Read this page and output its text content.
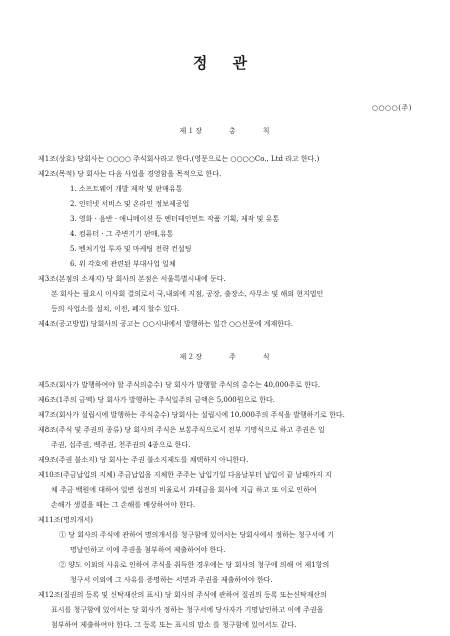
정 관
○○○○(주)
제１장	총	칙
제1조(상호) 당회사는 ○○○○ 주식회사라고 한다.(영문으로는 ○○○○Co., Ltd 라고 한다.)
제2조(목적) 당 회사는 다음 사업을 경영함을 목적으로 한다.
1. 소프트웨어 개발 제작 및 판매유통
2. 인터넷 서비스 및 온라인 정보제공업
3. 영화 · 음반 · 애니메이션 등 엔터테인먼트 작품 기획, 제작 및 유통
4. 컴퓨터 · 그 주변기기 판매,유통
5. 벤처기업 투자 및 마케팅 전략 컨설팅
6. 위 각호에 관련된 부대사업 일체
제3조(본점의 소재지) 당 회사의 본점은 서울특별시내에 둔다.
본 회사는 필요시 이사회 결의로서 국,내외에 지점, 공장, 출장소, 사무소 및 해외 현지법인
등의 사업소를 설치, 이전, 폐지 할수 있다.
제4조(공고방법) 당회사의 공고는 ○○시내에서 발행하는 일간 ○○신문에 게재한다.
제２장	주	식
제5조(회사가 발행하여야 할 주식의총수) 당 회사가 발행할 주식의 총수는 40,000주로 한다.
제6조(1주의 금액) 당 회사가 발행하는 주식일주의 금액은 5,000원으로 한다.
제7조(회사가 설립시에 발행하는 주식총수) 당회사는 설립시에 10,000주의 주식을 발행하기로 한다.
제8조(주식 및 주권의 종류) 당 회사의 주식은 보통주식으로서 전부 기명식으로 하고 주권은 일
주권, 십주권, 백주권, 천주권의 4종으로 한다.
제9조(주권 불소지) 당 회사는 주권 불소지제도를 채택하지 아니한다.
제10조(주금납입의 지체) 주금납입을 지체한 주주는 납입기일 다음날부터 납입이 끝 날때까지 지
체 주금 백원에 대하여 일변 십전의 비율로서 과태금을 회사에 지급 하고 또 이로 인하여
손해가 생겼을 때는 그 손해를 배상하여야 한다.
제11조(명의개서)
① 당 회사의 주식에 관하여 명의개서를 청구함에 있어서는 당회사에서 정하는 청구서에 기
명날인하고 이에 주권을 첨부하여 제출하여야 한다.
② 양도 이외의 사유로 인하여 주식을 취득한 경우에는 당 회사의 청구에 의해 여 제1항의
청구서 이외에 그 사유를 증명하는 서면과 주권을 제출하여야 한다.
제12조(질권의 등록 및 신탁재산의 표시) 당 회사의 주식에 관하여 질권의 등록 또는신탁재산의
표시를 청구함에 있어서는 당 회사가 정하는 청구서에 당사자가 기명날인하고 이에 주권을
첨부하여 제출하여야 한다. 그 등록 또는 표시의 말소 를 청구함에 있어서도 같다.
